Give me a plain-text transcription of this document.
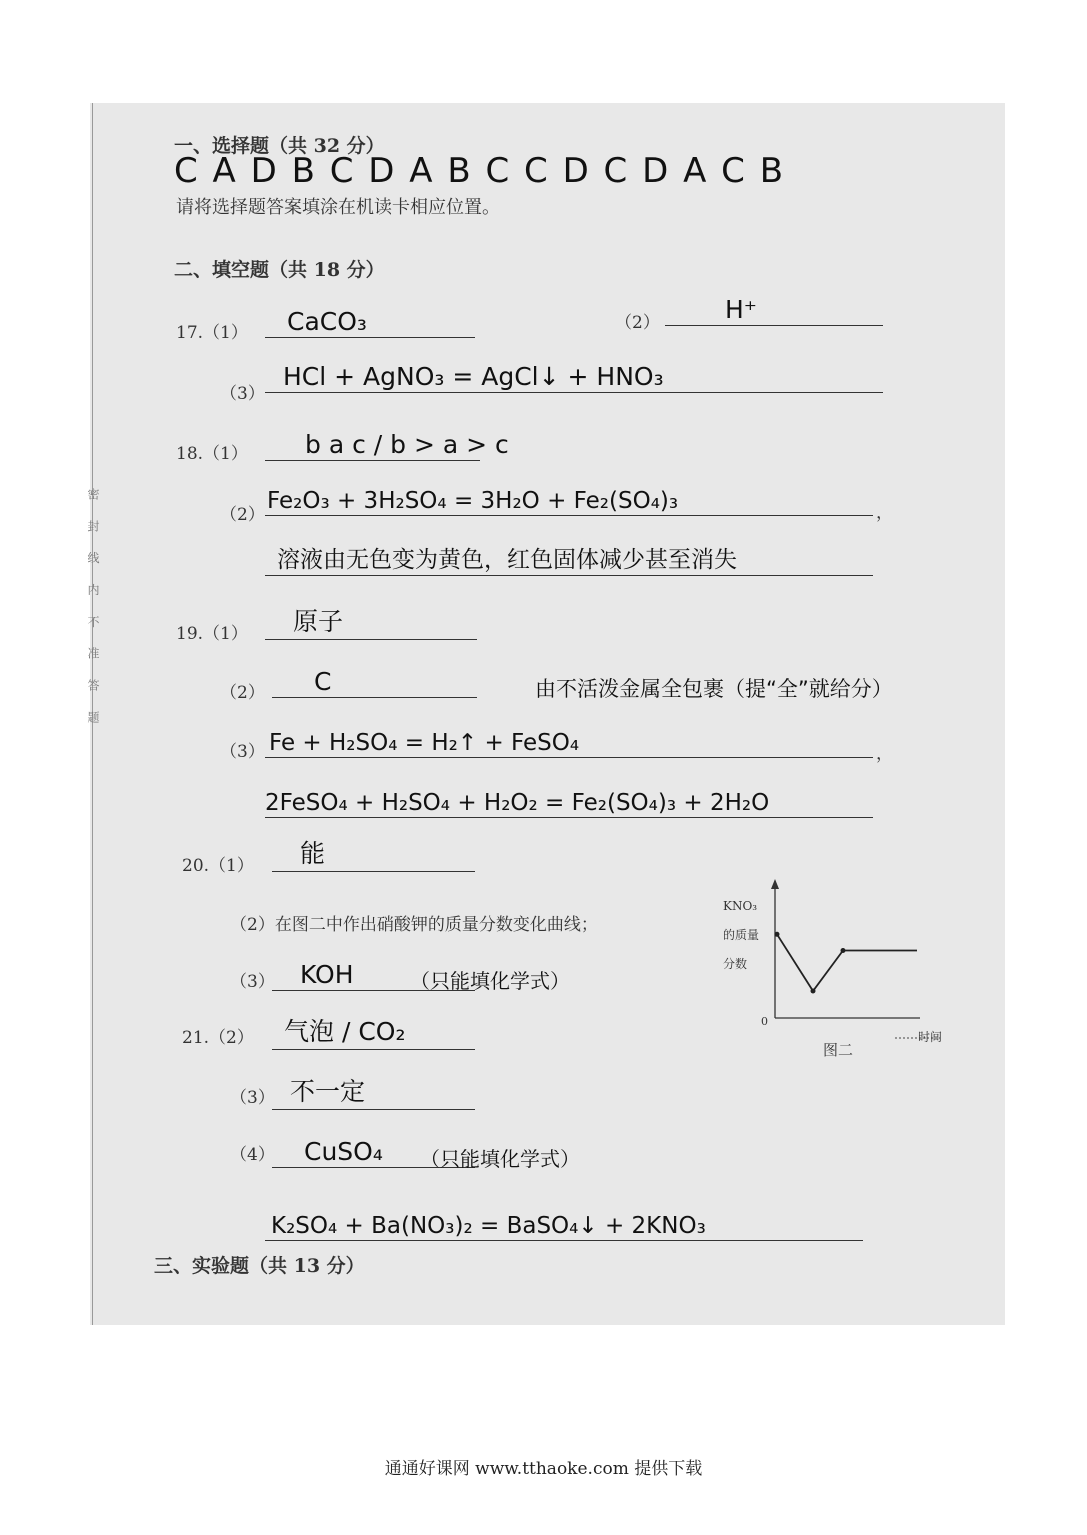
密 封 线 内 不 准 答 题
一、选择题（共 32 分）
C A D B C D A B C C D C D A C B
请将选择题答案填涂在机读卡相应位置。
二、填空题（共 18 分）
17.（1） CaCO₃	（2）	H⁺
（3）
HCl + AgNO₃ = AgCl↓ + HNO₃
18.（1） b a c / b > a > c
（2）
Fe₂O₃ + 3H₂SO₄ = 3H₂O + Fe₂(SO₄)₃	，
溶液由无色变为黄色，红色固体减少甚至消失
19.（1） 原子
（2） C	由不活泼金属全包裹（提“全”就给分）
（3） Fe + H₂SO₄ = H₂↑ + FeSO₄	，
2FeSO₄ + H₂SO₄ + H₂O₂ = Fe₂(SO₄)₃ + 2H₂O
20.（1） 能
（2）在图二中作出硝酸钾的质量分数变化曲线；
（3） KOH	（只能填化学式）
KNO₃
的质量
分数
0
时间
图二
21.（2） 气泡 / CO₂
（3） 不一定
（4） CuSO₄ （只能填化学式）
K₂SO₄ + Ba(NO₃)₂ = BaSO₄↓ + 2KNO₃
三、实验题（共 13 分）
通通好课网 www.tthaoke.com 提供下载
